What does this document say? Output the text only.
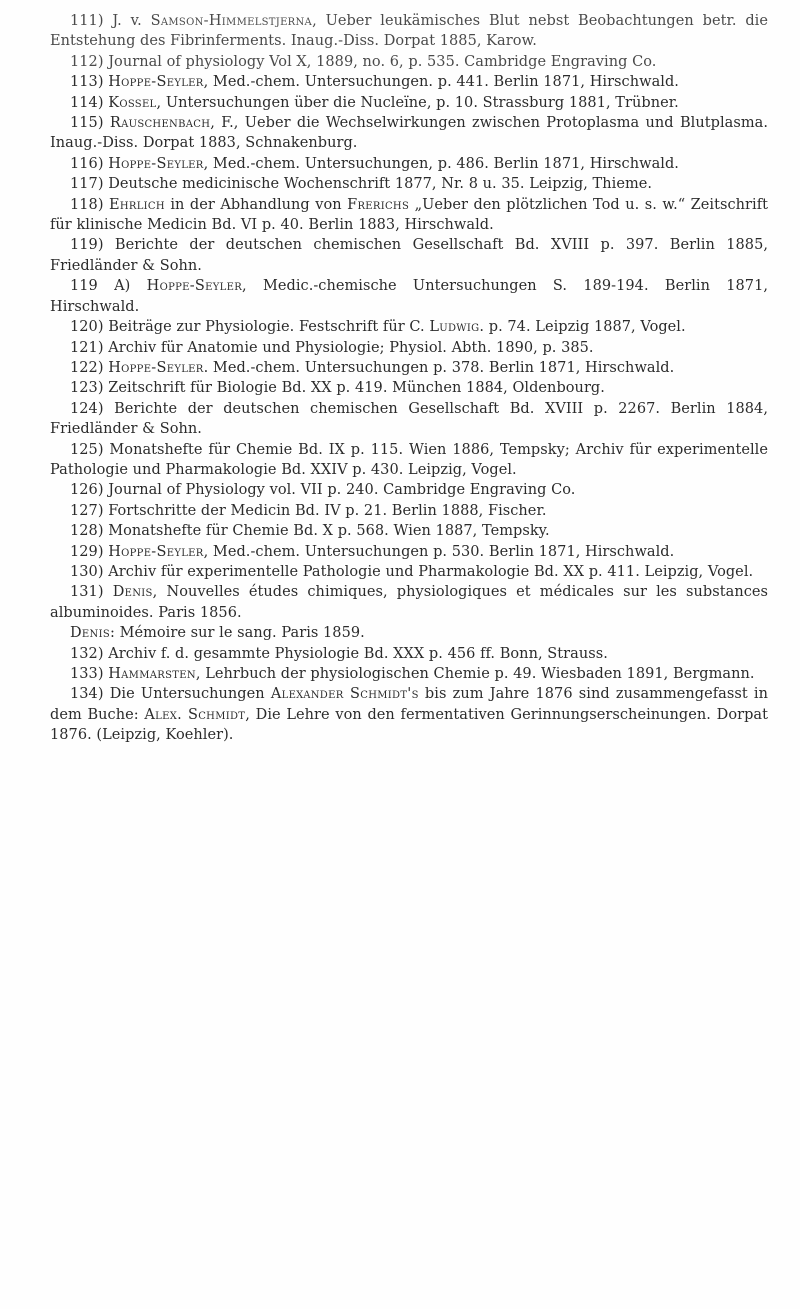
111) J. v. Samson-Himmelstjerna, Ueber leukämisches Blut nebst Beobachtungen betr. die Entstehung des Fibrinferments. Inaug.-Diss. Dorpat 1885, Karow.

112) Journal of physiology Vol X, 1889, no. 6, p. 535. Cambridge Engraving Co.

113) Hoppe-Seyler, Med.-chem. Untersuchungen. p. 441. Berlin 1871, Hirschwald.

114) Kossel, Untersuchungen über die Nucleïne, p. 10. Strassburg 1881, Trübner.

115) Rauschenbach, F., Ueber die Wechselwirkungen zwischen Protoplasma und Blutplasma. Inaug.-Diss. Dorpat 1883, Schnakenburg.

116) Hoppe-Seyler, Med.-chem. Untersuchungen, p. 486. Berlin 1871, Hirschwald.

117) Deutsche medicinische Wochenschrift 1877, Nr. 8 u. 35. Leipzig, Thieme.

118) Ehrlich in der Abhandlung von Frerichs „Ueber den plötzlichen Tod u. s. w.“ Zeitschrift für klinische Medicin Bd. VI p. 40. Berlin 1883, Hirschwald.

119) Berichte der deutschen chemischen Gesellschaft Bd. XVIII p. 397. Berlin 1885, Friedländer & Sohn.

119 A) Hoppe-Seyler, Medic.-chemische Untersuchungen S. 189-194. Berlin 1871, Hirschwald.

120) Beiträge zur Physiologie. Festschrift für C. Ludwig. p. 74. Leipzig 1887, Vogel.

121) Archiv für Anatomie und Physiologie; Physiol. Abth. 1890, p. 385.

122) Hoppe-Seyler. Med.-chem. Untersuchungen p. 378. Berlin 1871, Hirschwald.

123) Zeitschrift für Biologie Bd. XX p. 419. München 1884, Oldenbourg.

124) Berichte der deutschen chemischen Gesellschaft Bd. XVIII p. 2267. Berlin 1884, Friedländer & Sohn.

125) Monatshefte für Chemie Bd. IX p. 115. Wien 1886, Tempsky; Archiv für experimentelle Pathologie und Pharmakologie Bd. XXIV p. 430. Leipzig, Vogel.

126) Journal of Physiology vol. VII p. 240. Cambridge Engraving Co.

127) Fortschritte der Medicin Bd. IV p. 21. Berlin 1888, Fischer.

128) Monatshefte für Chemie Bd. X p. 568. Wien 1887, Tempsky.

129) Hoppe-Seyler, Med.-chem. Untersuchungen p. 530. Berlin 1871, Hirschwald.

130) Archiv für experimentelle Pathologie und Pharmakologie Bd. XX p. 411. Leipzig, Vogel.

131) Denis, Nouvelles études chimiques, physiologiques et médicales sur les substances albuminoides. Paris 1856.

Denis: Mémoire sur le sang. Paris 1859.

132) Archiv f. d. gesammte Physiologie Bd. XXX p. 456 ff. Bonn, Strauss.

133) Hammarsten, Lehrbuch der physiologischen Chemie p. 49. Wiesbaden 1891, Bergmann.

134) Die Untersuchungen Alexander Schmidt's bis zum Jahre 1876 sind zusammengefasst in dem Buche: Alex. Schmidt, Die Lehre von den fermentativen Gerinnungserscheinungen. Dorpat 1876. (Leipzig, Koehler).
